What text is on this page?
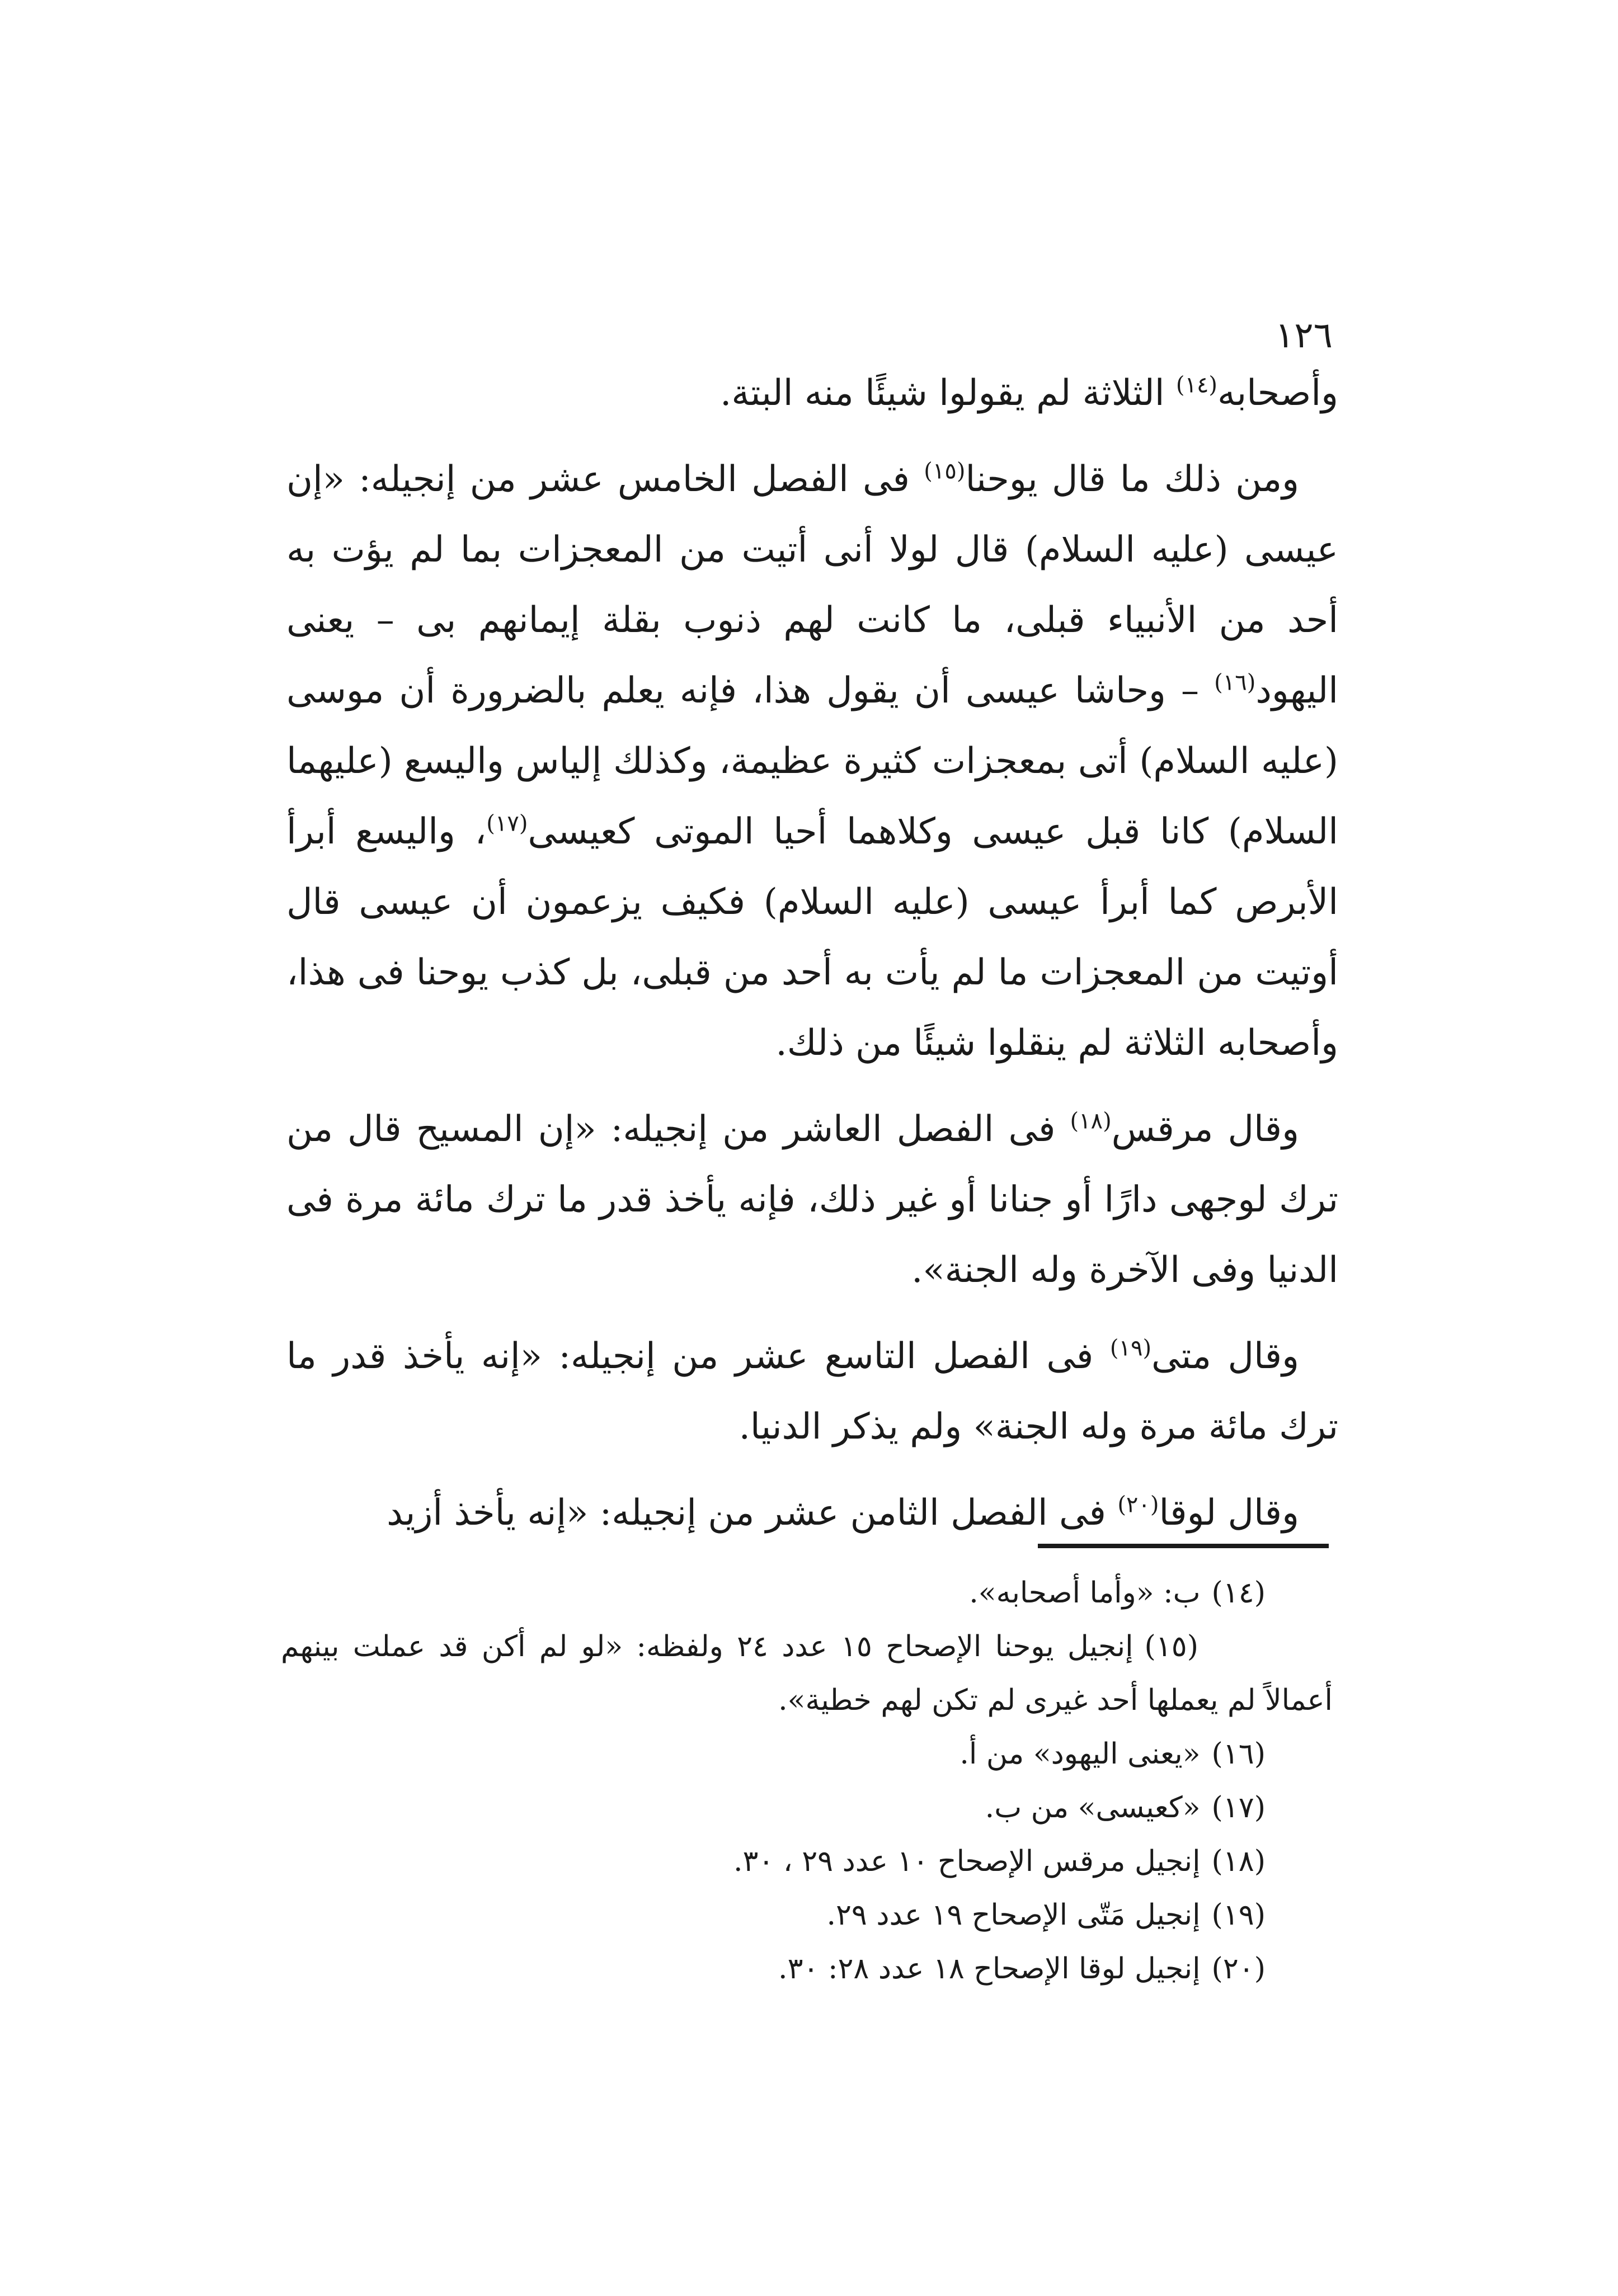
١٢٦

وأصحابه$^{(١٤)}$ الثلاثة لم يقولوا شيئًا منه البتة.

ومن ذلك ما قال يوحنا$^{(١٥)}$ فى الفصل الخامس عشر من إنجيله: «إن عيسى (عليه السلام) قال لولا أنى أتيت من المعجزات بما لم يؤت به أحد من الأنبياء قبلى، ما كانت لهم ذنوب بقلة إيمانهم بى – يعنى اليهود$^{(١٦)}$ – وحاشا عيسى أن يقول هذا، فإنه يعلم بالضرورة أن موسى (عليه السلام) أتى بمعجزات كثيرة عظيمة، وكذلك إلياس واليسع (عليهما السلام) كانا قبل عيسى وكلاهما أحيا الموتى كعيسى$^{(١٧)}$، واليسع أبرأ الأبرص كما أبرأ عيسى (عليه السلام) فكيف يزعمون أن عيسى قال أوتيت من المعجزات ما لم يأت به أحد من قبلى، بل كذب يوحنا فى هذا، وأصحابه الثلاثة لم ينقلوا شيئًا من ذلك.

وقال مرقس$^{(١٨)}$ فى الفصل العاشر من إنجيله: «إن المسيح قال من ترك لوجهى دارًا أو جنانا أو غير ذلك، فإنه يأخذ قدر ما ترك مائة مرة فى الدنيا وفى الآخرة وله الجنة».

وقال متى$^{(١٩)}$ فى الفصل التاسع عشر من إنجيله: «إنه يأخذ قدر ما ترك مائة مرة وله الجنة» ولم يذكر الدنيا.

وقال لوقا$^{(٢٠)}$ فى الفصل الثامن عشر من إنجيله: «إنه يأخذ أزيد

(١٤)ب: «وأما أصحابه».

(١٥)إنجيل يوحنا الإصحاح ١٥ عدد ٢٤ ولفظه: «لو لم أكن قد عملت بينهم أعمالاً لم يعملها أحد غيرى لم تكن لهم خطية».

(١٦)«يعنى اليهود» من أ.

(١٧)«كعيسى» من ب.

(١٨)إنجيل مرقس الإصحاح ١٠ عدد ٢٩ ، ٣٠.

(١٩)إنجيل مَتّى الإصحاح ١٩ عدد ٢٩.

(٢٠)إنجيل لوقا الإصحاح ١٨ عدد ٢٨: ٣٠.
